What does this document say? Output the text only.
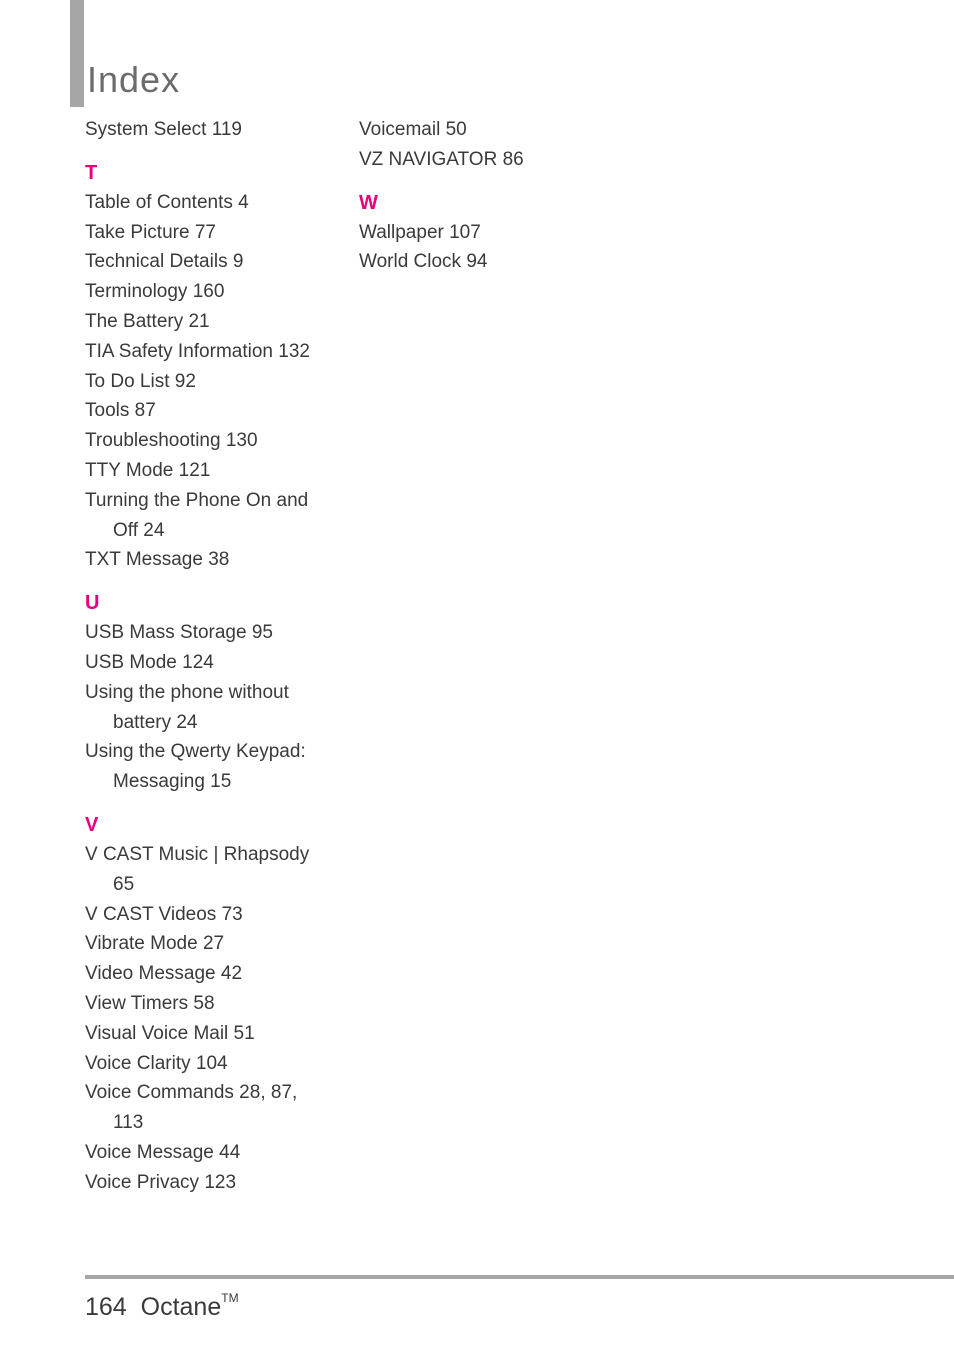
Index
System Select 119
T
Table of Contents 4
Take Picture 77
Technical Details 9
Terminology 160
The Battery 21
TIA Safety Information 132
To Do List 92
Tools 87
Troubleshooting 130
TTY Mode 121
Turning the Phone On and
Off 24
TXT Message 38
U
USB Mass Storage 95
USB Mode 124
Using the phone without
battery 24
Using the Qwerty Keypad:
Messaging 15
V
V CAST Music | Rhapsody
65
V CAST Videos 73
Vibrate Mode 27
Video Message 42
View Timers 58
Visual Voice Mail 51
Voice Clarity 104
Voice Commands 28, 87,
113
Voice Message 44
Voice Privacy 123
Voicemail 50
VZ NAVIGATOR 86
W
Wallpaper 107
World Clock 94
164 Octane™
